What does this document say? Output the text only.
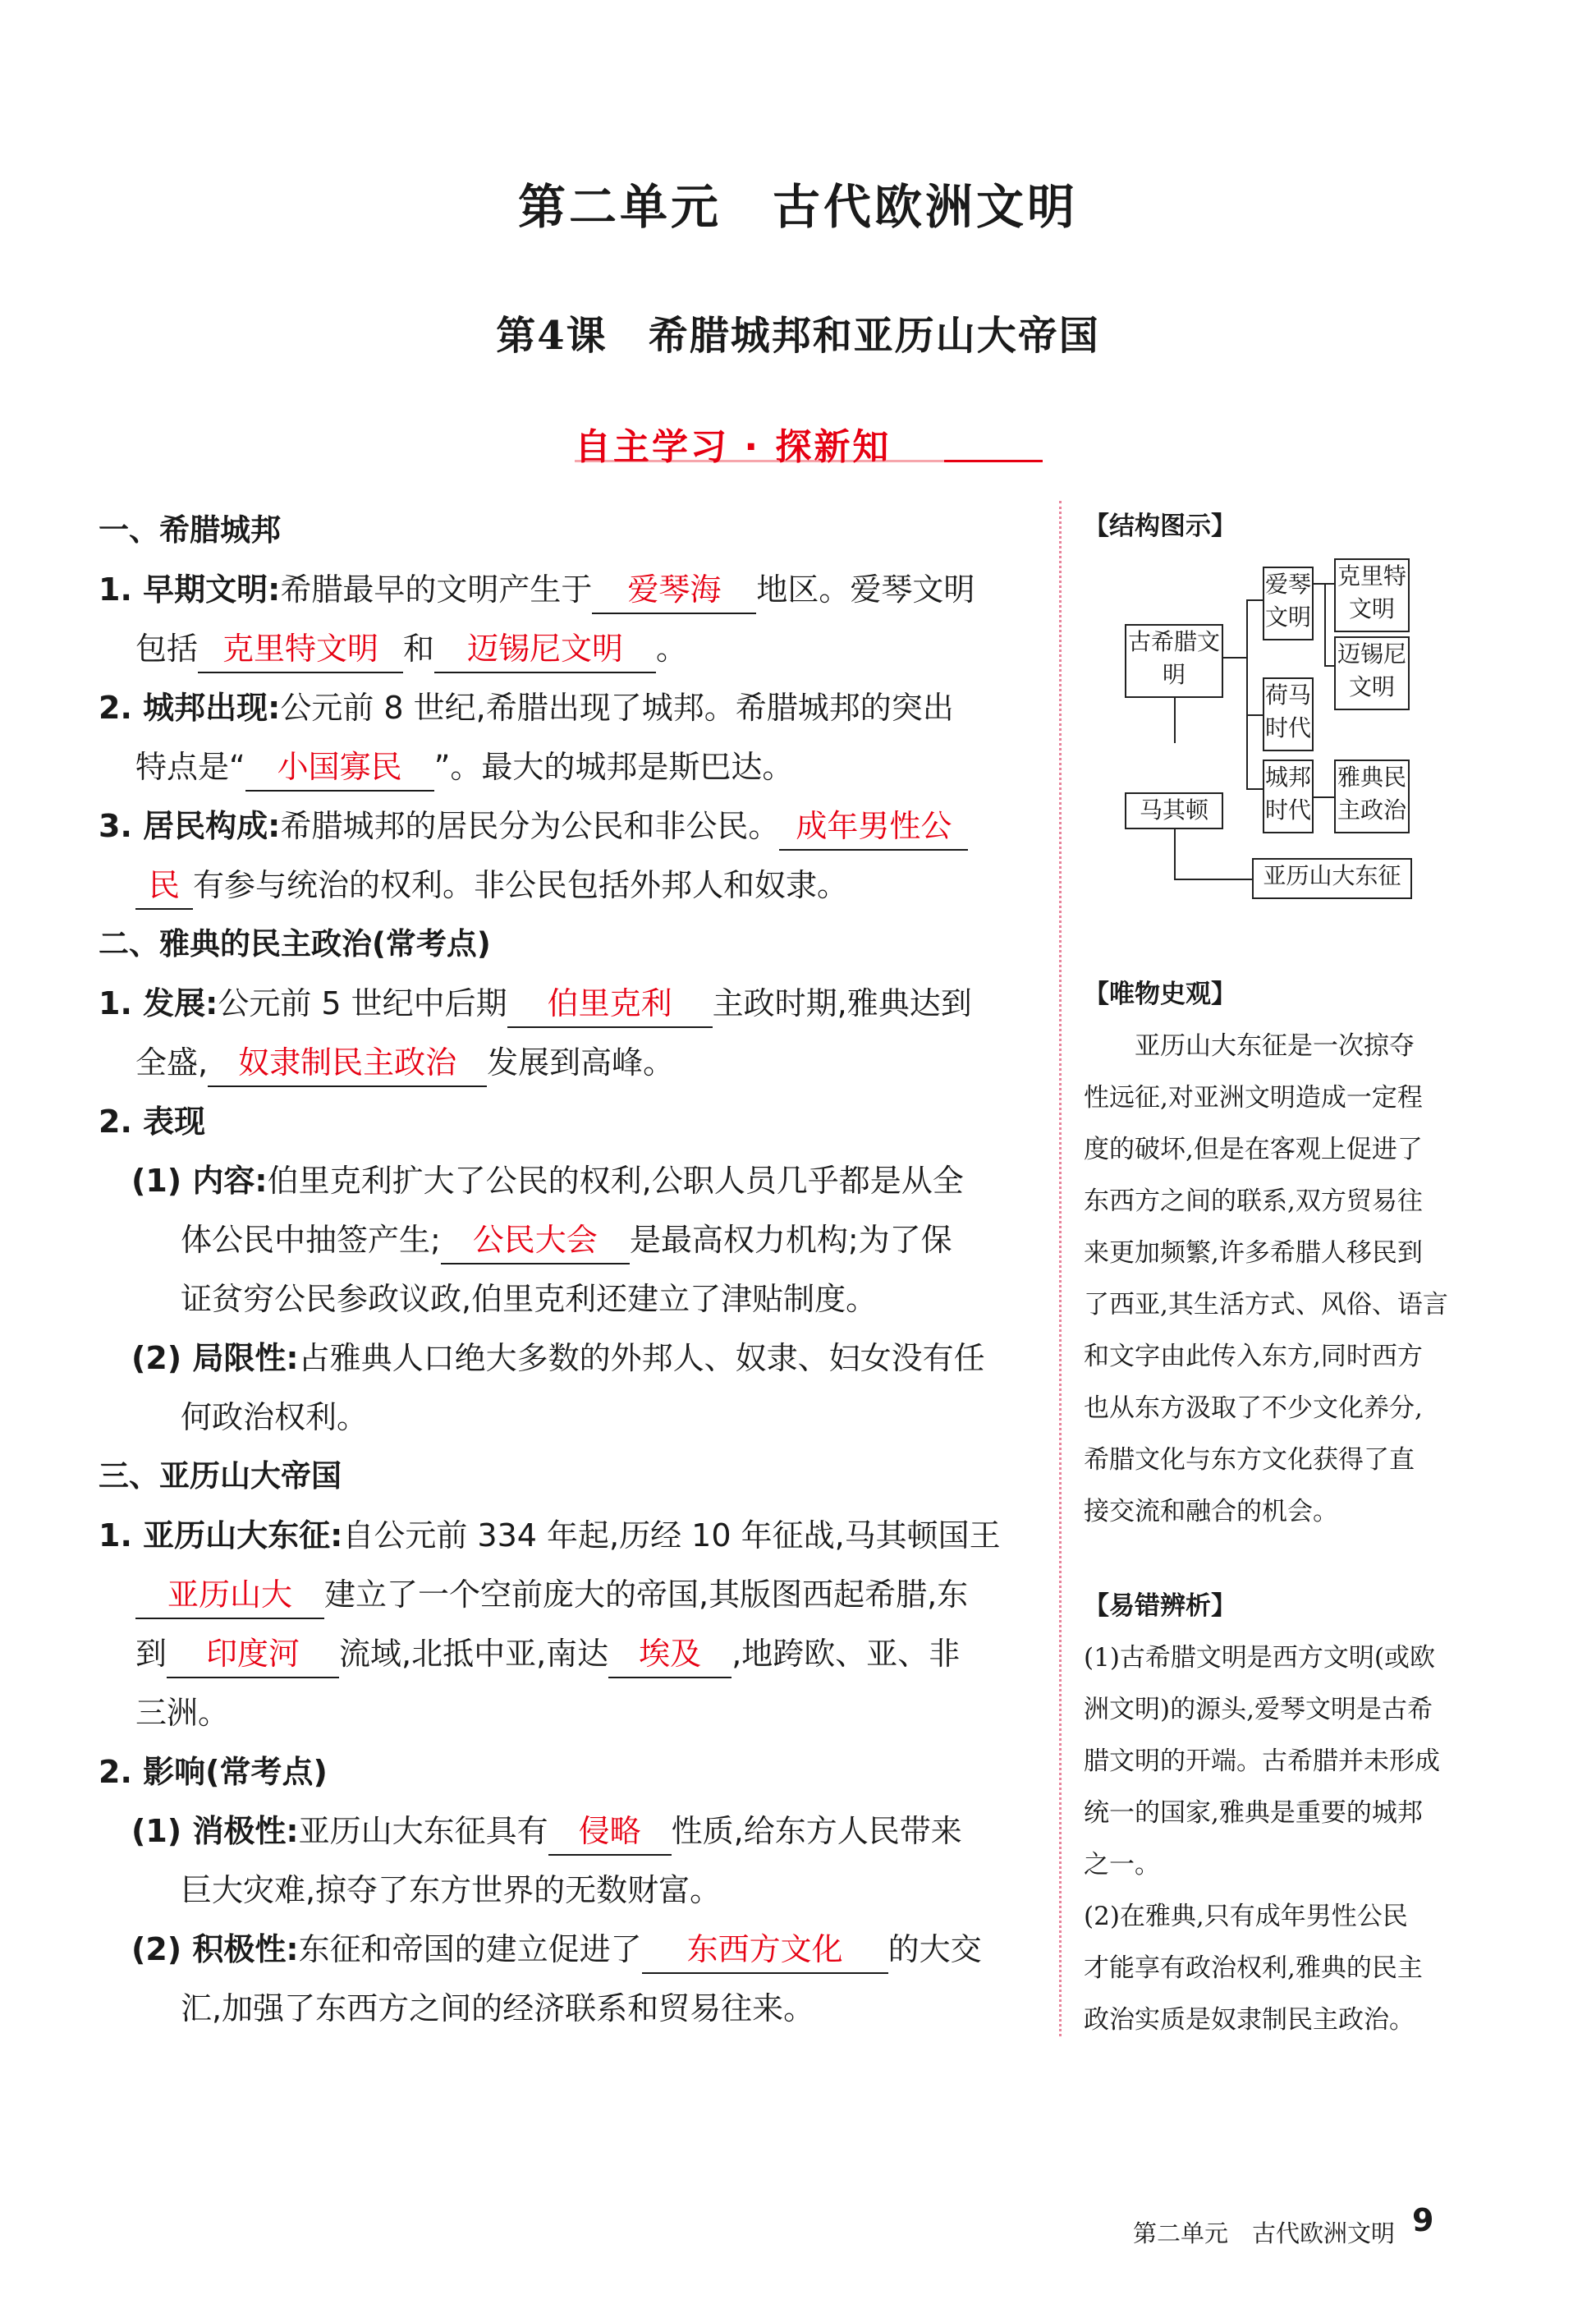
第二单元　古代欧洲文明
第4课　希腊城邦和亚历山大帝国
自主学习 · 探新知

一、希腊城邦

1. 早期文明:希腊最早的文明产生于 爱琴海 地区。爱琴文明

包括 克里特文明 和 迈锡尼文明 。

2. 城邦出现:公元前 8 世纪,希腊出现了城邦。希腊城邦的突出

特点是“ 小国寡民 ”。最大的城邦是斯巴达。

3. 居民构成:希腊城邦的居民分为公民和非公民。 成年男性公

民 有参与统治的权利。非公民包括外邦人和奴隶。

二、雅典的民主政治(常考点)

1. 发展:公元前 5 世纪中后期 伯里克利 主政时期,雅典达到

全盛, 奴隶制民主政治 发展到高峰。

2. 表现

(1) 内容:伯里克利扩大了公民的权利,公职人员几乎都是从全

体公民中抽签产生; 公民大会 是最高权力机构;为了保

证贫穷公民参政议政,伯里克利还建立了津贴制度。

(2) 局限性:占雅典人口绝大多数的外邦人、奴隶、妇女没有任

何政治权利。

三、亚历山大帝国

1. 亚历山大东征:自公元前 334 年起,历经 10 年征战,马其顿国王

亚历山大 建立了一个空前庞大的帝国,其版图西起希腊,东

到 印度河 流域,北抵中亚,南达 埃及 ,地跨欧、亚、非

三洲。

2. 影响(常考点)

(1) 消极性:亚历山大东征具有 侵略 性质,给东方人民带来

巨大灾难,掠夺了东方世界的无数财富。

(2) 积极性:东征和帝国的建立促进了 东西方文化 的大交

汇,加强了东西方之间的经济联系和贸易往来。

【结构图示】
古希腊文明
爱琴文明
克里特文明
迈锡尼文明
荷马时代
城邦时代
雅典民主政治
马其顿
亚历山大东征

【唯物史观】

亚历山大东征是一次掠夺

性远征,对亚洲文明造成一定程

度的破坏,但是在客观上促进了

东西方之间的联系,双方贸易往

来更加频繁,许多希腊人移民到

了西亚,其生活方式、风俗、语言

和文字由此传入东方,同时西方

也从东方汲取了不少文化养分,

希腊文化与东方文化获得了直

接交流和融合的机会。

【易错辨析】

(1)古希腊文明是西方文明(或欧

洲文明)的源头,爱琴文明是古希

腊文明的开端。古希腊并未形成

统一的国家,雅典是重要的城邦

之一。

(2)在雅典,只有成年男性公民

才能享有政治权利,雅典的民主

政治实质是奴隶制民主政治。

第二单元　古代欧洲文明 9
